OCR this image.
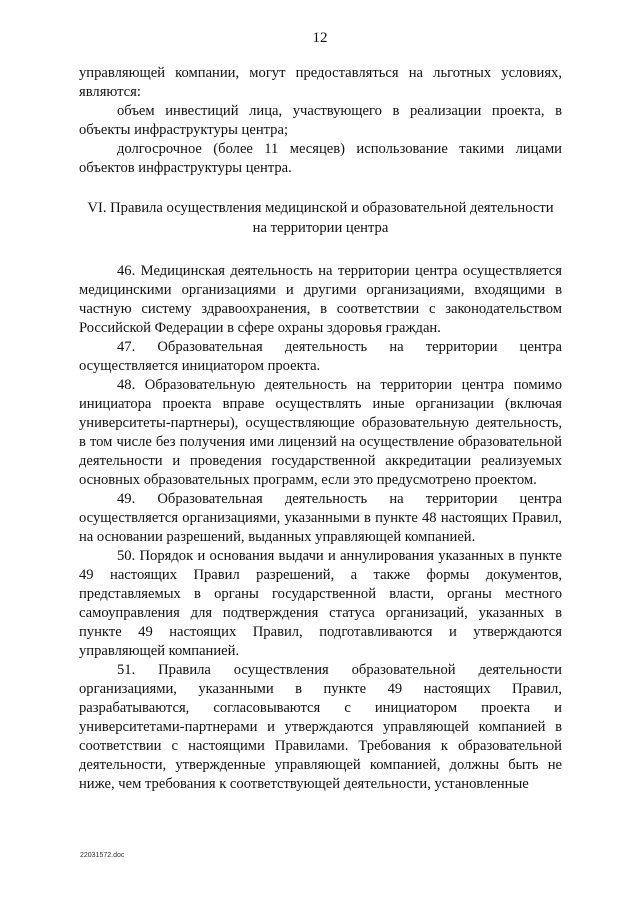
12

управляющей компании, могут предоставляться на льготных условиях, являются:

объем инвестиций лица, участвующего в реализации проекта, в объекты инфраструктуры центра;

долгосрочное (более 11 месяцев) использование такими лицами объектов инфраструктуры центра.

VI. Правила осуществления медицинской и образовательной деятельности на территории центра

46. Медицинская деятельность на территории центра осуществляется медицинскими организациями и другими организациями, входящими в частную систему здравоохранения, в соответствии с законодательством Российской Федерации в сфере охраны здоровья граждан.

47. Образовательная деятельность на территории центра осуществляется инициатором проекта.

48. Образовательную деятельность на территории центра помимо инициатора проекта вправе осуществлять иные организации (включая университеты-партнеры), осуществляющие образовательную деятельность, в том числе без получения ими лицензий на осуществление образовательной деятельности и проведения государственной аккредитации реализуемых основных образовательных программ, если это предусмотрено проектом.

49. Образовательная деятельность на территории центра осуществляется организациями, указанными в пункте 48 настоящих Правил, на основании разрешений, выданных управляющей компанией.

50. Порядок и основания выдачи и аннулирования указанных в пункте 49 настоящих Правил разрешений, а также формы документов, представляемых в органы государственной власти, органы местного самоуправления для подтверждения статуса организаций, указанных в пункте 49 настоящих Правил, подготавливаются и утверждаются управляющей компанией.

51. Правила осуществления образовательной деятельности организациями, указанными в пункте 49 настоящих Правил, разрабатываются, согласовываются с инициатором проекта и университетами-партнерами и утверждаются управляющей компанией в соответствии с настоящими Правилами. Требования к образовательной деятельности, утвержденные управляющей компанией, должны быть не ниже, чем требования к соответствующей деятельности, установленные

22031572.doc
